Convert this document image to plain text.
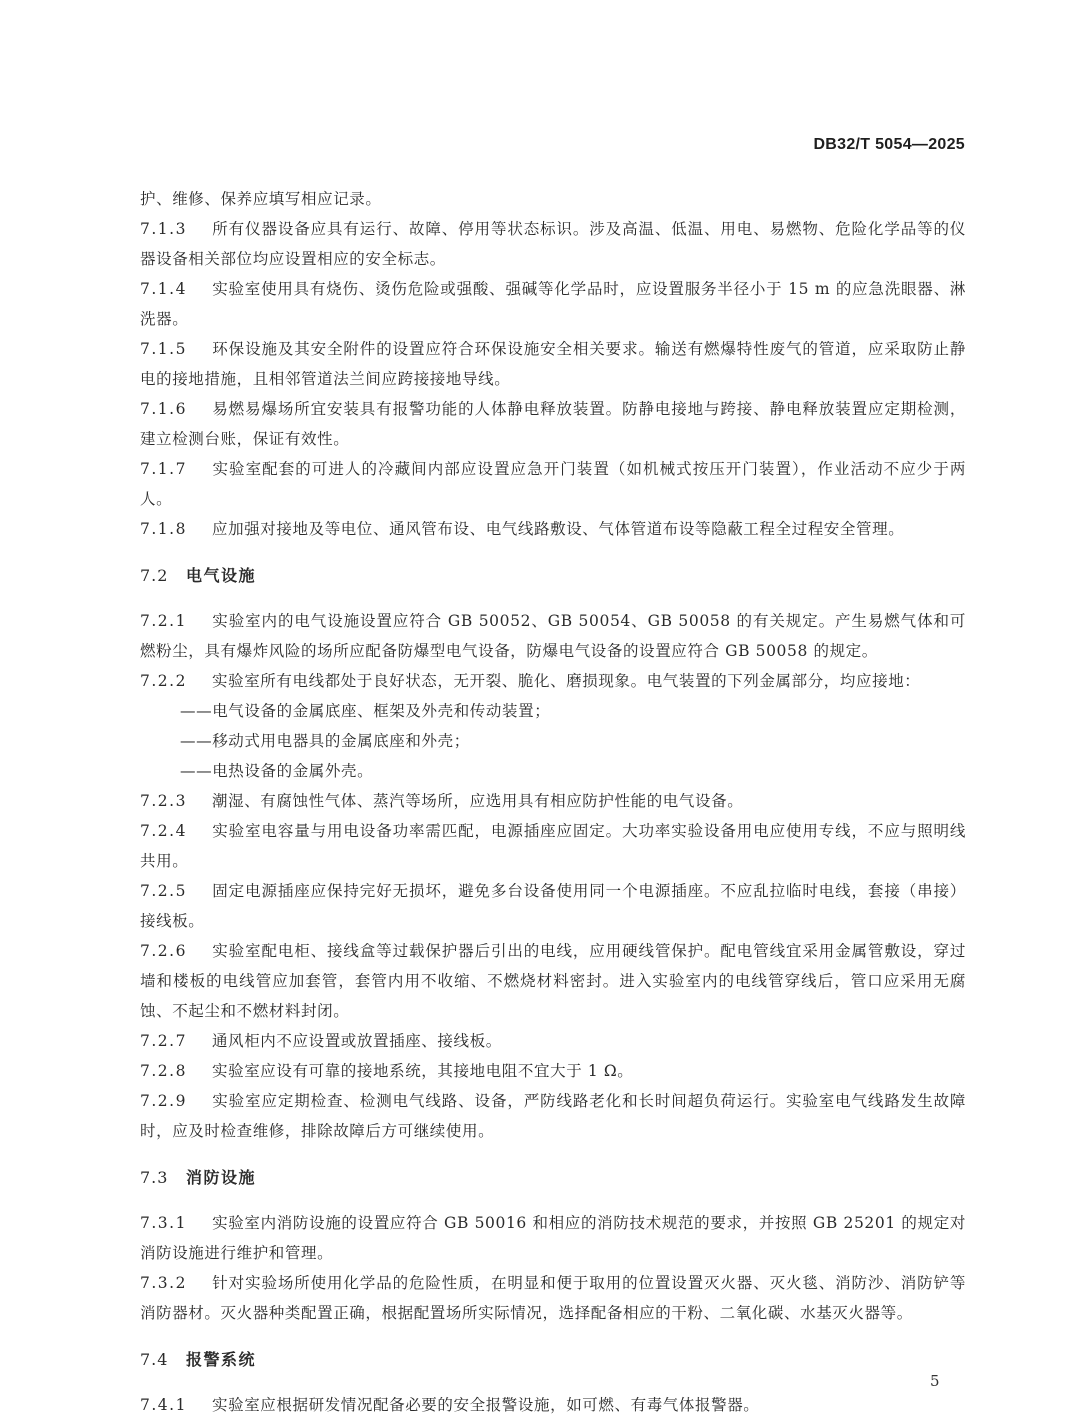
DB32/T 5054—2025

护、维修、保养应填写相应记录。

7.1.3 所有仪器设备应具有运行、故障、停用等状态标识。涉及高温、低温、用电、易燃物、危险化学品等的仪器设备相关部位均应设置相应的安全标志。

7.1.4 实验室使用具有烧伤、烫伤危险或强酸、强碱等化学品时，应设置服务半径小于 15 m 的应急洗眼器、淋洗器。

7.1.5 环保设施及其安全附件的设置应符合环保设施安全相关要求。输送有燃爆特性废气的管道，应采取防止静电的接地措施，且相邻管道法兰间应跨接接地导线。

7.1.6 易燃易爆场所宜安装具有报警功能的人体静电释放装置。防静电接地与跨接、静电释放装置应定期检测，建立检测台账，保证有效性。

7.1.7 实验室配套的可进人的冷藏间内部应设置应急开门装置（如机械式按压开门装置），作业活动不应少于两人。

7.1.8 应加强对接地及等电位、通风管布设、电气线路敷设、气体管道布设等隐蔽工程全过程安全管理。

7.2 电气设施

7.2.1 实验室内的电气设施设置应符合 GB 50052、GB 50054、GB 50058 的有关规定。产生易燃气体和可燃粉尘，具有爆炸风险的场所应配备防爆型电气设备，防爆电气设备的设置应符合 GB 50058 的规定。

7.2.2 实验室所有电线都处于良好状态，无开裂、脆化、磨损现象。电气装置的下列金属部分，均应接地：

——电气设备的金属底座、框架及外壳和传动装置；

——移动式用电器具的金属底座和外壳；

——电热设备的金属外壳。

7.2.3 潮湿、有腐蚀性气体、蒸汽等场所，应选用具有相应防护性能的电气设备。

7.2.4 实验室电容量与用电设备功率需匹配，电源插座应固定。大功率实验设备用电应使用专线，不应与照明线共用。

7.2.5 固定电源插座应保持完好无损坏，避免多台设备使用同一个电源插座。不应乱拉临时电线，套接（串接）接线板。

7.2.6 实验室配电柜、接线盒等过载保护器后引出的电线，应用硬线管保护。配电管线宜采用金属管敷设，穿过墙和楼板的电线管应加套管，套管内用不收缩、不燃烧材料密封。进入实验室内的电线管穿线后，管口应采用无腐蚀、不起尘和不燃材料封闭。

7.2.7 通风柜内不应设置或放置插座、接线板。

7.2.8 实验室应设有可靠的接地系统，其接地电阻不宜大于 1 Ω。

7.2.9 实验室应定期检查、检测电气线路、设备，严防线路老化和长时间超负荷运行。实验室电气线路发生故障时，应及时检查维修，排除故障后方可继续使用。

7.3 消防设施

7.3.1 实验室内消防设施的设置应符合 GB 50016 和相应的消防技术规范的要求，并按照 GB 25201 的规定对消防设施进行维护和管理。

7.3.2 针对实验场所使用化学品的危险性质，在明显和便于取用的位置设置灭火器、灭火毯、消防沙、消防铲等消防器材。灭火器种类配置正确，根据配置场所实际情况，选择配备相应的干粉、二氧化碳、水基灭火器等。

7.4 报警系统

7.4.1 实验室应根据研发情况配备必要的安全报警设施，如可燃、有毒气体报警器。

5
